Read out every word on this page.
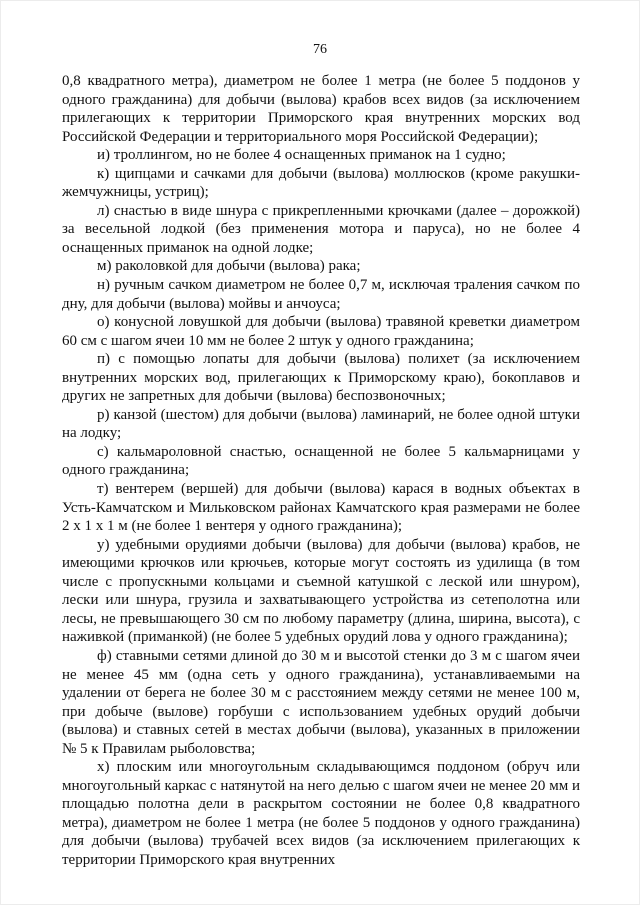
76

0,8 квадратного метра), диаметром не более 1 метра (не более 5 поддонов у одного гражданина) для добычи (вылова) крабов всех видов (за исключением прилегающих к территории Приморского края внутренних морских вод Российской Федерации и территориального моря Российской Федерации);

и) троллингом, но не более 4 оснащенных приманок на 1 судно;

к) щипцами и сачками для добычи (вылова) моллюсков (кроме ракушки-жемчужницы, устриц);

л) снастью в виде шнура с прикрепленными крючками (далее – дорожкой) за весельной лодкой (без применения мотора и паруса), но не более 4 оснащенных приманок на одной лодке;

м) раколовкой для добычи (вылова) рака;

н) ручным сачком диаметром не более 0,7 м, исключая траления сачком по дну, для добычи (вылова) мойвы и анчоуса;

о) конусной ловушкой для добычи (вылова) травяной креветки диаметром 60 см с шагом ячеи 10 мм не более 2 штук у одного гражданина;

п) с помощью лопаты для добычи (вылова) полихет (за исключением внутренних морских вод, прилегающих к Приморскому краю), бокоплавов и других не запретных для добычи (вылова) беспозвоночных;

р) канзой (шестом) для добычи (вылова) ламинарий, не более одной штуки на лодку;

с) кальмароловной снастью, оснащенной не более 5 кальмарницами у одного гражданина;

т) вентерем (вершей) для добычи (вылова) карася в водных объектах в Усть-Камчатском и Мильковском районах Камчатского края размерами не более 2 х 1 х 1 м (не более 1 вентеря у одного гражданина);

у) удебными орудиями добычи (вылова) для добычи (вылова) крабов, не имеющими крючков или крючьев, которые могут состоять из удилища (в том числе с пропускными кольцами и съемной катушкой с леской или шнуром), лески или шнура, грузила и захватывающего устройства из сетеполотна или лесы, не превышающего 30 см по любому параметру (длина, ширина, высота), с наживкой (приманкой) (не более 5 удебных орудий лова у одного гражданина);

ф) ставными сетями длиной до 30 м и высотой стенки до 3 м с шагом ячеи не менее 45 мм (одна сеть у одного гражданина), устанавливаемыми на удалении от берега не более 30 м с расстоянием между сетями не менее 100 м, при добыче (вылове) горбуши с использованием удебных орудий добычи (вылова) и ставных сетей в местах добычи (вылова), указанных в приложении № 5 к Правилам рыболовства;

х) плоским или многоугольным складывающимся поддоном (обруч или многоугольный каркас с натянутой на него делью с шагом ячеи не менее 20 мм и площадью полотна дели в раскрытом состоянии не более 0,8 квадратного метра), диаметром не более 1 метра (не более 5 поддонов у одного гражданина) для добычи (вылова) трубачей всех видов (за исключением прилегающих к территории Приморского края внутренних
